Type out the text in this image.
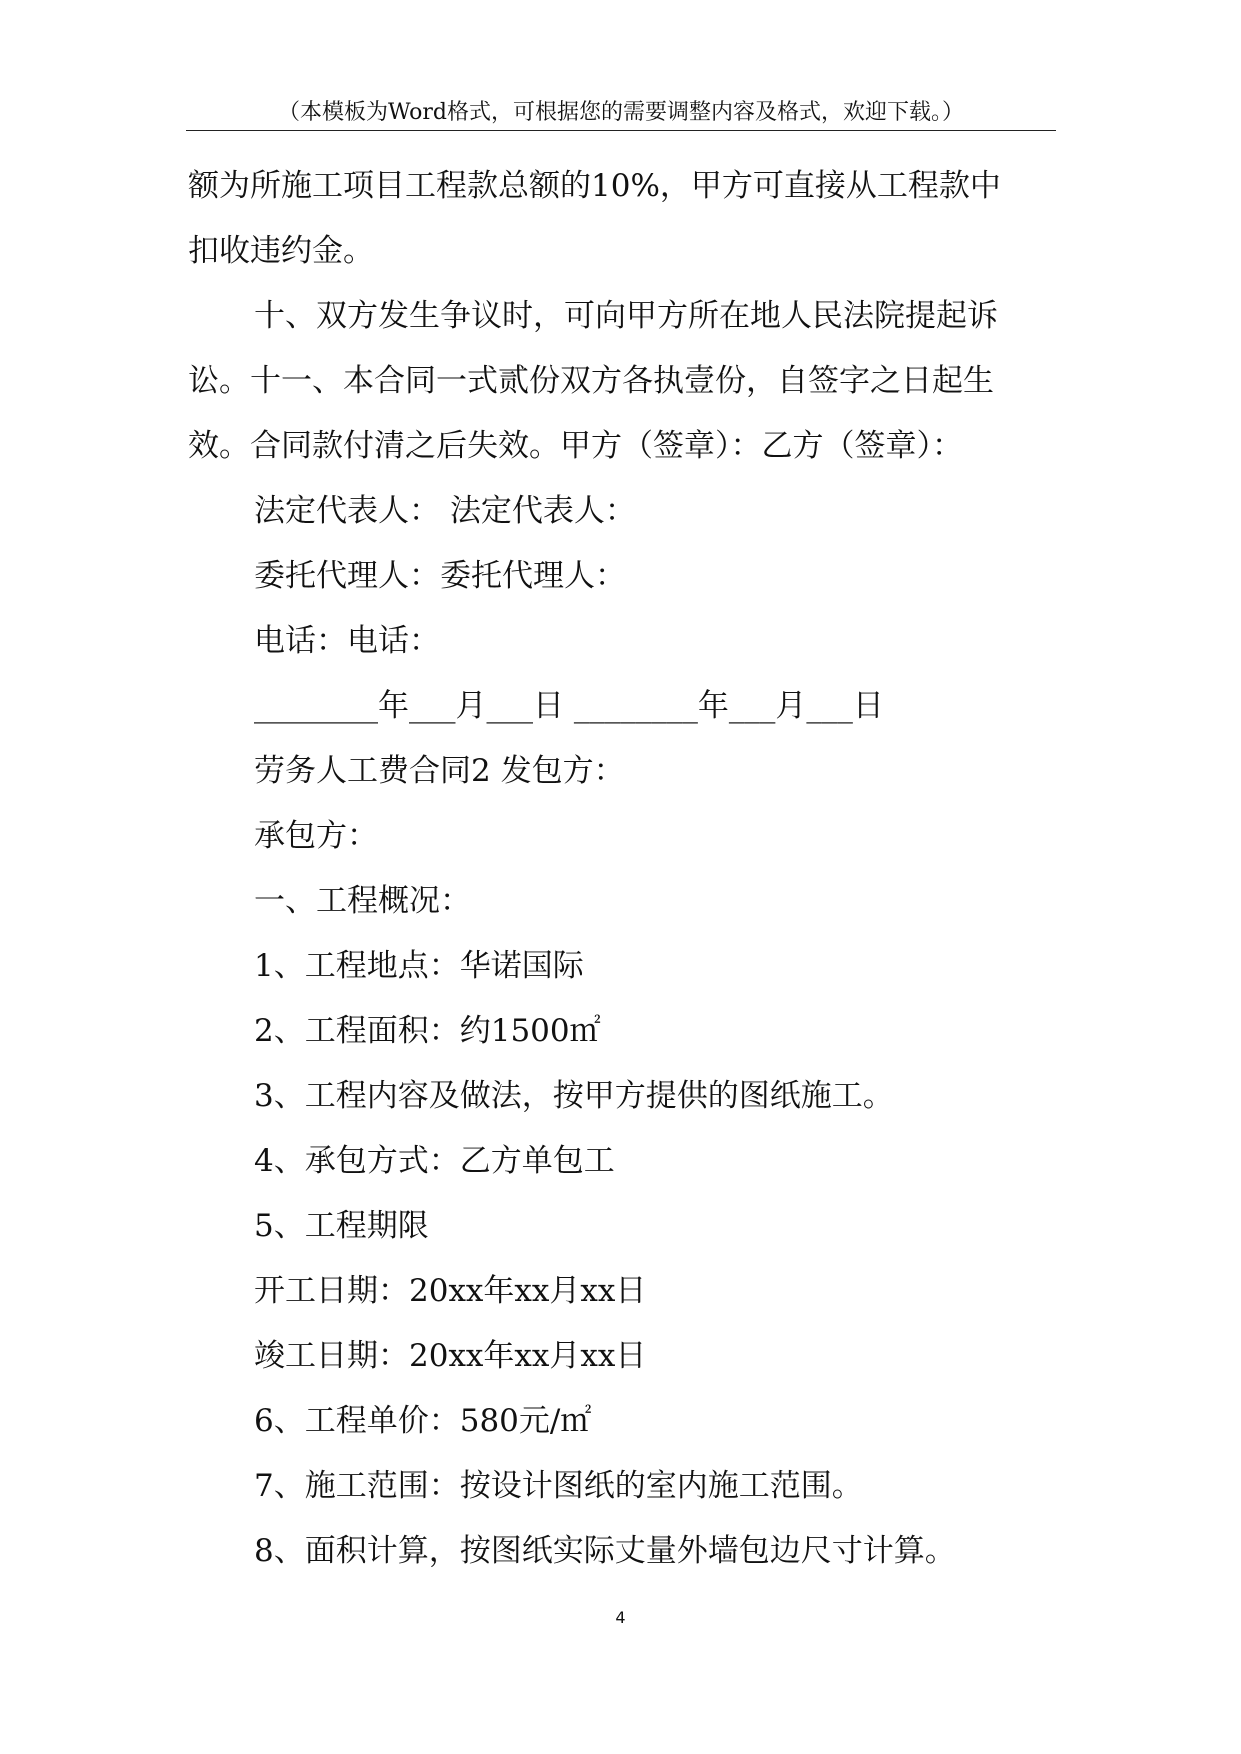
（本模板为Word格式，可根据您的需要调整内容及格式，欢迎下载。）

额为所施工项目工程款总额的10%，甲方可直接从工程款中

扣收违约金。

十、双方发生争议时，可向甲方所在地人民法院提起诉

讼。十一、本合同一式贰份双方各执壹份，自签字之日起生

效。合同款付清之后失效。甲方（签章）：乙方（签章）：

法定代表人： 法定代表人：

委托代理人：委托代理人：

电话：电话：

________年___月___日 ________年___月___日

劳务人工费合同2 发包方：

承包方：

一、工程概况：

1、工程地点：华诺国际

2、工程面积：约1500㎡

3、工程内容及做法，按甲方提供的图纸施工。

4、承包方式：乙方单包工

5、工程期限

开工日期：20xx年xx月xx日

竣工日期：20xx年xx月xx日

6、工程单价：580元/㎡

7、施工范围：按设计图纸的室内施工范围。

8、面积计算，按图纸实际丈量外墙包边尺寸计算。

4
